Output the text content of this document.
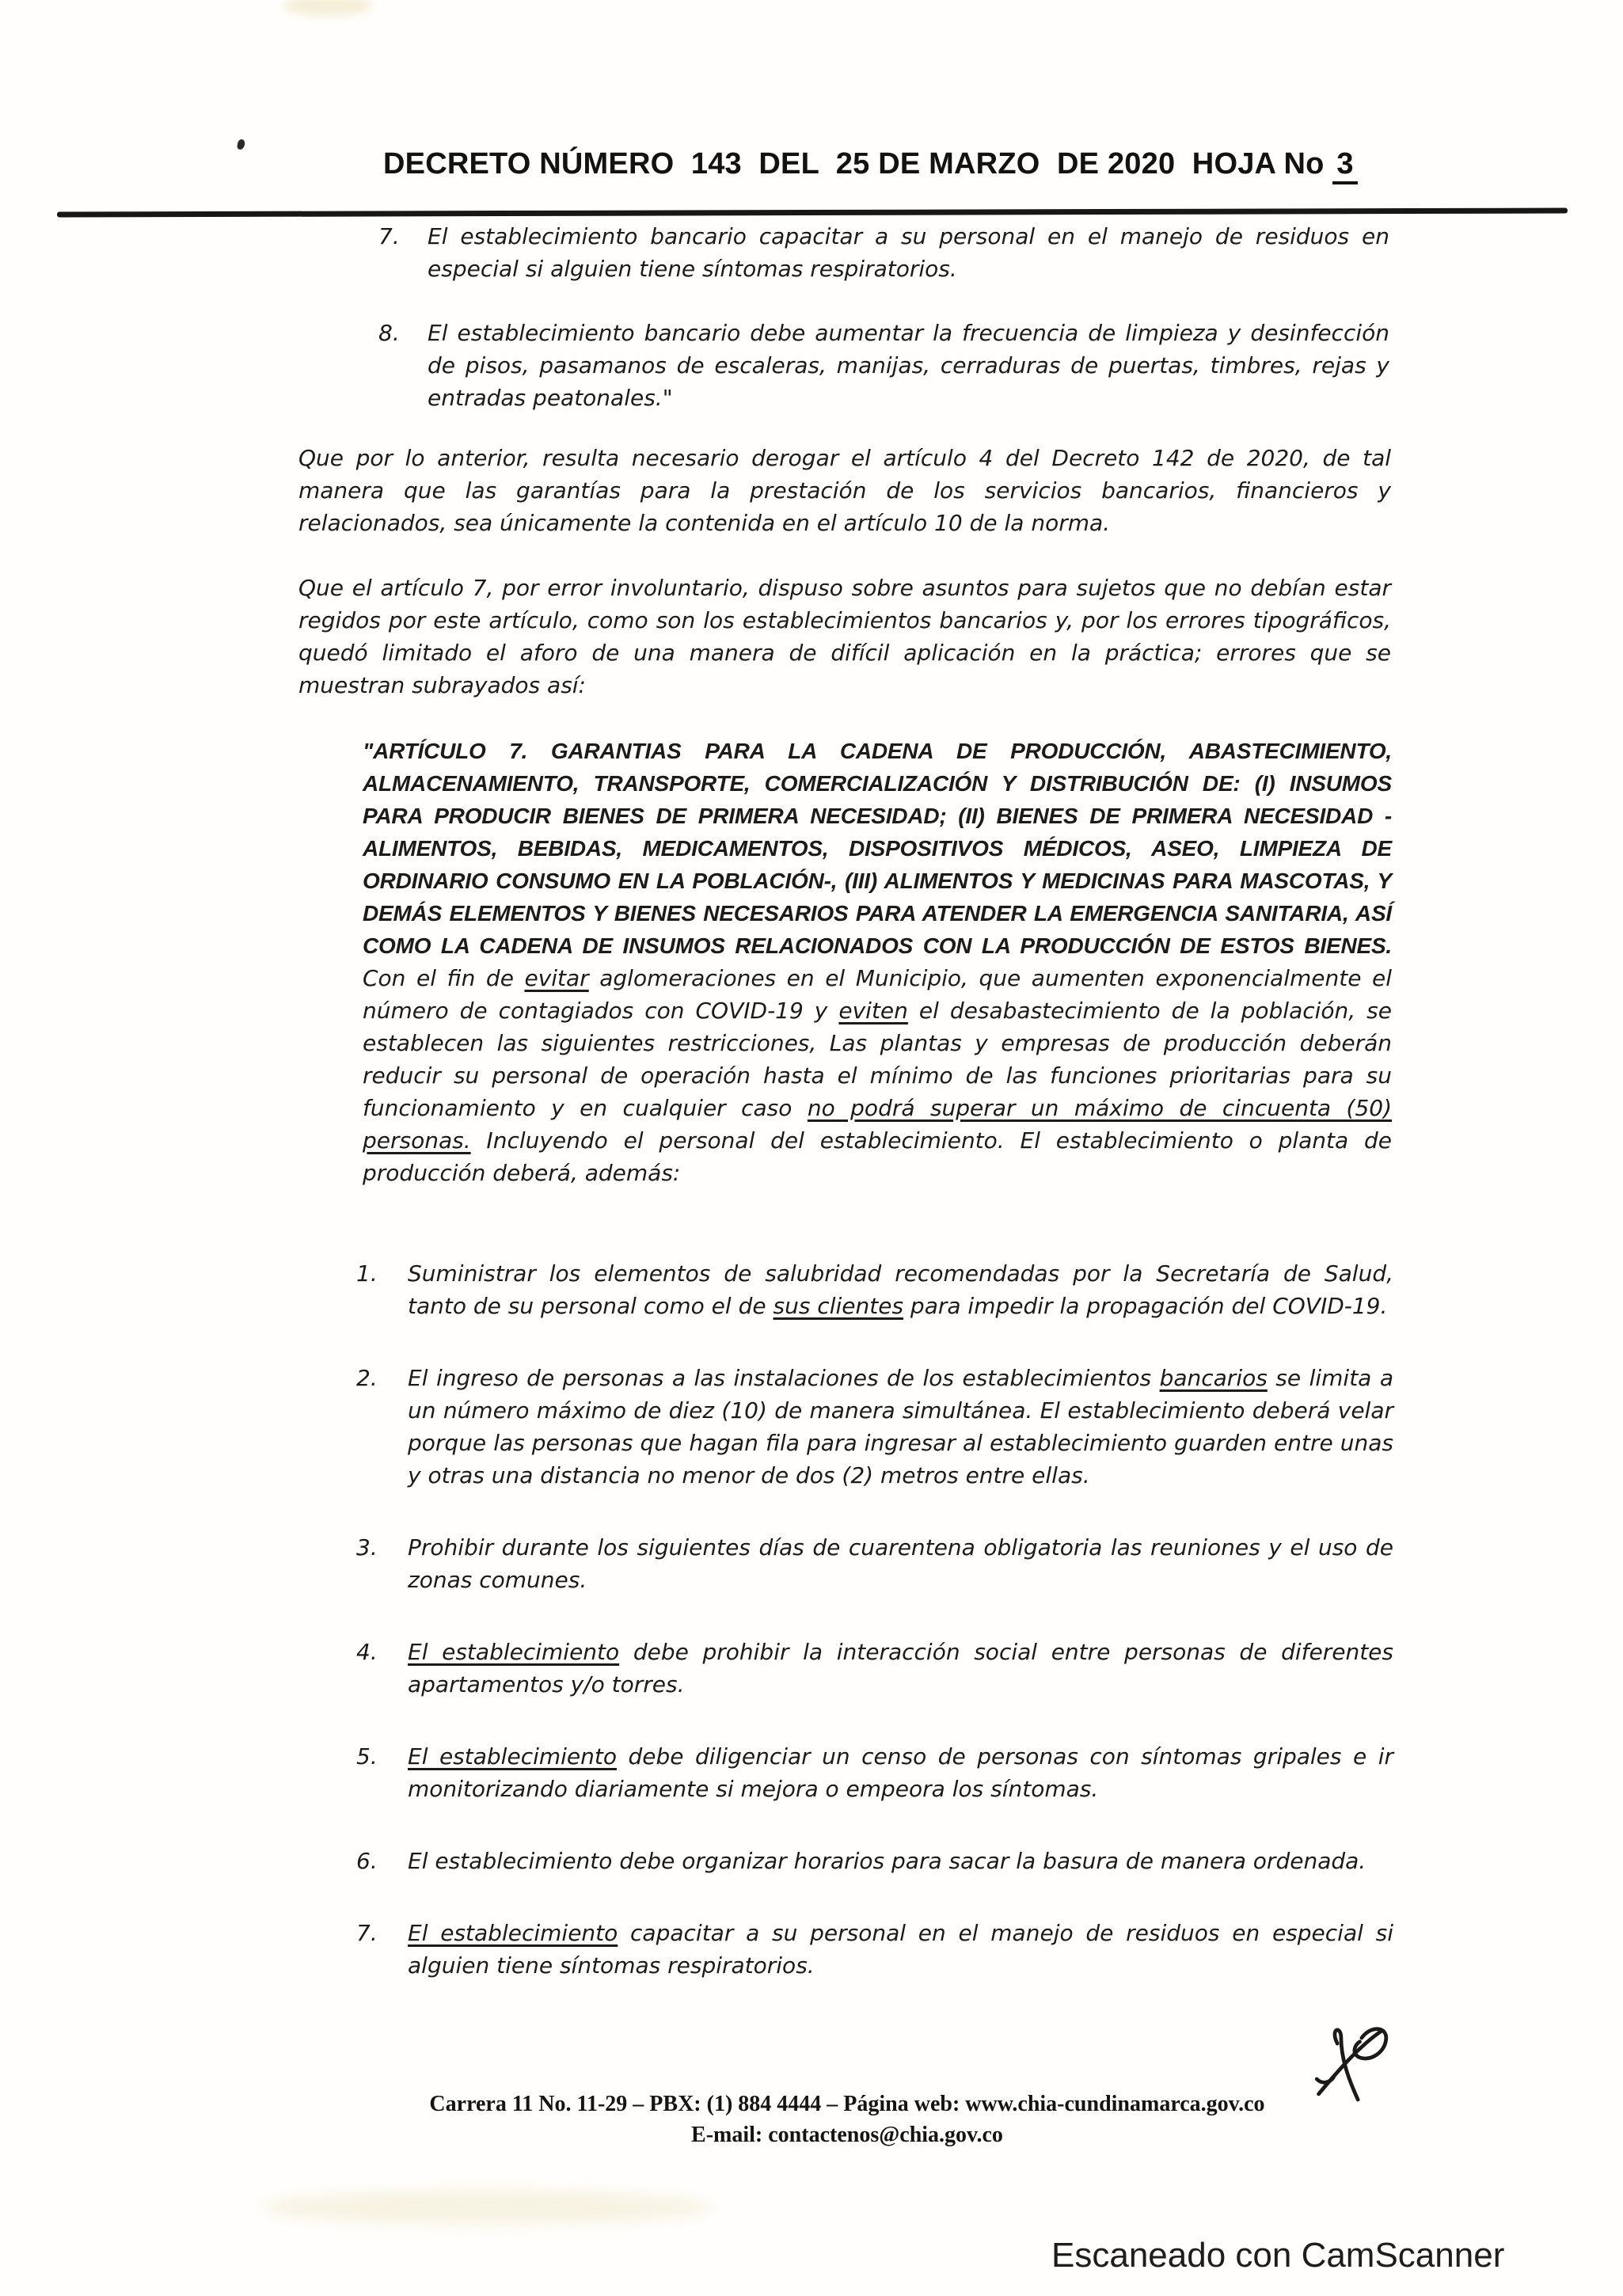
DECRETO NÚMERO  143  DEL  25 DE MARZO  DE 2020  HOJA No 3
7.	El establecimiento bancario capacitar a su personal en el manejo de residuos en especial si alguien tiene síntomas respiratorios.
8.	El establecimiento bancario debe aumentar la frecuencia de limpieza y desinfección de pisos, pasamanos de escaleras, manijas, cerraduras de puertas, timbres, rejas y entradas peatonales."
Que por lo anterior, resulta necesario derogar el artículo 4 del Decreto 142 de 2020, de tal manera que las garantías para la prestación de los servicios bancarios, financieros y relacionados, sea únicamente la contenida en el artículo 10 de la norma.
Que el artículo 7, por error involuntario, dispuso sobre asuntos para sujetos que no debían estar regidos por este artículo, como son los establecimientos bancarios y, por los errores tipográficos, quedó limitado el aforo de una manera de difícil aplicación en la práctica; errores que se muestran subrayados así:
"ARTÍCULO 7. GARANTIAS PARA LA CADENA DE PRODUCCIÓN, ABASTECIMIENTO, ALMACENAMIENTO, TRANSPORTE, COMERCIALIZACIÓN Y DISTRIBUCIÓN DE: (I) INSUMOS PARA PRODUCIR BIENES DE PRIMERA NECESIDAD; (II) BIENES DE PRIMERA NECESIDAD -ALIMENTOS, BEBIDAS, MEDICAMENTOS, DISPOSITIVOS MÉDICOS, ASEO, LIMPIEZA DE ORDINARIO CONSUMO EN LA POBLACIÓN-, (III) ALIMENTOS Y MEDICINAS PARA MASCOTAS, Y DEMÁS ELEMENTOS Y BIENES NECESARIOS PARA ATENDER LA EMERGENCIA SANITARIA, ASÍ COMO LA CADENA DE INSUMOS RELACIONADOS CON LA PRODUCCIÓN DE ESTOS BIENES. Con el fin de evitar aglomeraciones en el Municipio, que aumenten exponencialmente el número de contagiados con COVID-19 y eviten el desabastecimiento de la población, se establecen las siguientes restricciones, Las plantas y empresas de producción deberán reducir su personal de operación hasta el mínimo de las funciones prioritarias para su funcionamiento y en cualquier caso no podrá superar un máximo de cincuenta (50) personas. Incluyendo el personal del establecimiento. El establecimiento o planta de producción deberá, además:
1.	Suministrar los elementos de salubridad recomendadas por la Secretaría de Salud, tanto de su personal como el de sus clientes para impedir la propagación del COVID-19.
2.	El ingreso de personas a las instalaciones de los establecimientos bancarios se limita a un número máximo de diez (10) de manera simultánea. El establecimiento deberá velar porque las personas que hagan fila para ingresar al establecimiento guarden entre unas y otras una distancia no menor de dos (2) metros entre ellas.
3.	Prohibir durante los siguientes días de cuarentena obligatoria las reuniones y el uso de zonas comunes.
4.	El establecimiento debe prohibir la interacción social entre personas de diferentes apartamentos y/o torres.
5.	El establecimiento debe diligenciar un censo de personas con síntomas gripales e ir monitorizando diariamente si mejora o empeora los síntomas.
6.	El establecimiento debe organizar horarios para sacar la basura de manera ordenada.
7.	El establecimiento capacitar a su personal en el manejo de residuos en especial si alguien tiene síntomas respiratorios.
Carrera 11 No. 11-29 – PBX: (1) 884 4444 – Página web: www.chia-cundinamarca.gov.co
E-mail: contactenos@chia.gov.co
Escaneado con CamScanner
